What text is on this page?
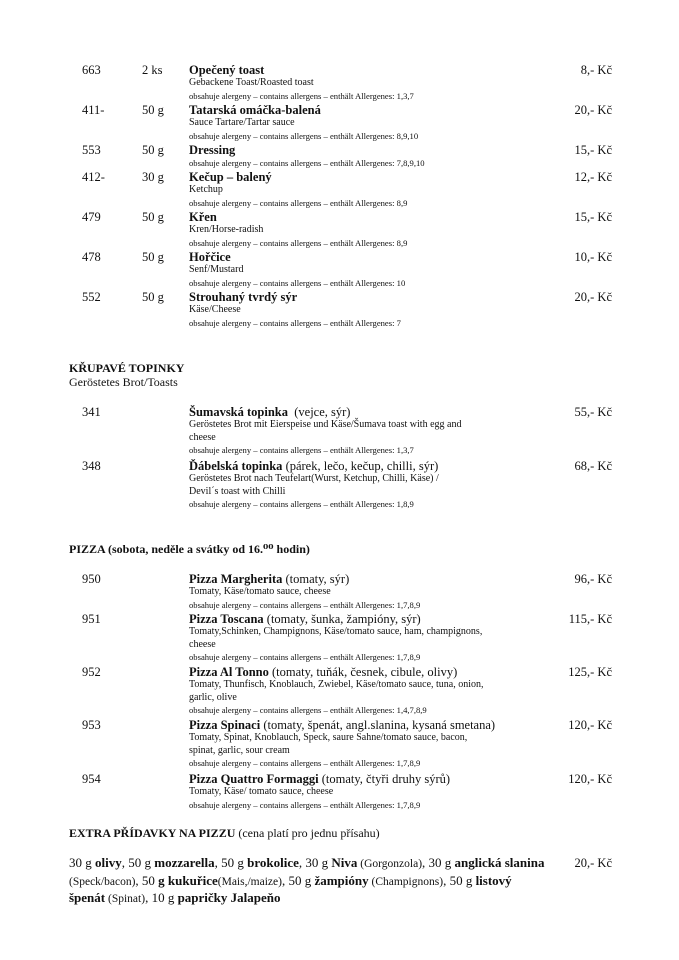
663	2 ks Opečený toast
Gebackene Toast/Roasted toast
obsahuje alergeny – contains allergens – enthält Allergenes: 1,3,7
8,- Kč
411-	50 g Tatarská omáčka-balená
Sauce Tartare/Tartar sauce
obsahuje alergeny – contains allergens – enthält Allergenes: 8,9,10
20,- Kč
553	50 g Dressing
obsahuje alergeny – contains allergens – enthält Allergenes: 7,8,9,10
15,- Kč
412-	30 g Kečup – balený
Ketchup
obsahuje alergeny – contains allergens – enthält Allergenes: 8,9
12,- Kč
479	50 g Křen
Kren/Horse-radish
obsahuje alergeny – contains allergens – enthält Allergenes: 8,9
15,- Kč
478	50 g Hořčice
Senf/Mustard
obsahuje alergeny – contains allergens – enthält Allergenes: 10
10,- Kč
552	50 g Strouhaný tvrdý sýr
Käse/Cheese
obsahuje alergeny – contains allergens – enthält Allergenes: 7
20,- Kč
KŘUPAVÉ TOPINKY
Geröstetes Brot/Toasts
341	Šumavská topinka  (vejce, sýr)
Geröstetes Brot mit Eierspeise und Käse/Šumava toast with egg and
cheese
obsahuje alergeny – contains allergens – enthält Allergenes: 1,3,7
55,- Kč
348	Ďábelská topinka (párek, lečo, kečup, chilli, sýr)
Geröstetes Brot nach Teufelart(Wurst, Ketchup, Chilli, Käse) /
Devil´s toast with Chilli
obsahuje alergeny – contains allergens – enthält Allergenes: 1,8,9
68,- Kč
PIZZA (sobota, neděle a svátky od 16.⁰⁰ hodin)
950	Pizza Margherita (tomaty, sýr)
Tomaty, Käse/tomato sauce, cheese
obsahuje alergeny – contains allergens – enthält Allergenes: 1,7,8,9
96,- Kč
951	Pizza Toscana (tomaty, šunka, žampióny, sýr)
Tomaty,Schinken, Champignons, Käse/tomato sauce, ham, champignons,
cheese
obsahuje alergeny – contains allergens – enthält Allergenes: 1,7,8,9
115,- Kč
952	Pizza Al Tonno (tomaty, tuňák, česnek, cibule, olivy)
Tomaty, Thunfisch, Knoblauch, Zwiebel, Käse/tomato sauce, tuna, onion,
garlic, olive
obsahuje alergeny – contains allergens – enthält Allergenes: 1,4,7,8,9
125,- Kč
953	Pizza Spinaci (tomaty, špenát, angl.slanina, kysaná smetana)
Tomaty, Spinat, Knoblauch, Speck, saure Sahne/tomato sauce, bacon,
spinat, garlic, sour cream
obsahuje alergeny – contains allergens – enthält Allergenes: 1,7,8,9
120,- Kč
954	Pizza Quattro Formaggi (tomaty, čtyři druhy sýrů)
Tomaty, Käse/ tomato sauce, cheese
obsahuje alergeny – contains allergens – enthält Allergenes: 1,7,8,9
120,- Kč
EXTRA PŘÍDAVKY NA PIZZU (cena platí pro jednu přísahu)
30 g olivy, 50 g mozzarella, 50 g brokolice, 30 g Niva (Gorgonzola), 30 g anglická slanina (Speck/bacon), 50 g kukuřice(Mais,/maize), 50 g žampióny (Champignons), 50 g listový špenát (Spinat), 10 g papričky Jalapeňo
20,- Kč
